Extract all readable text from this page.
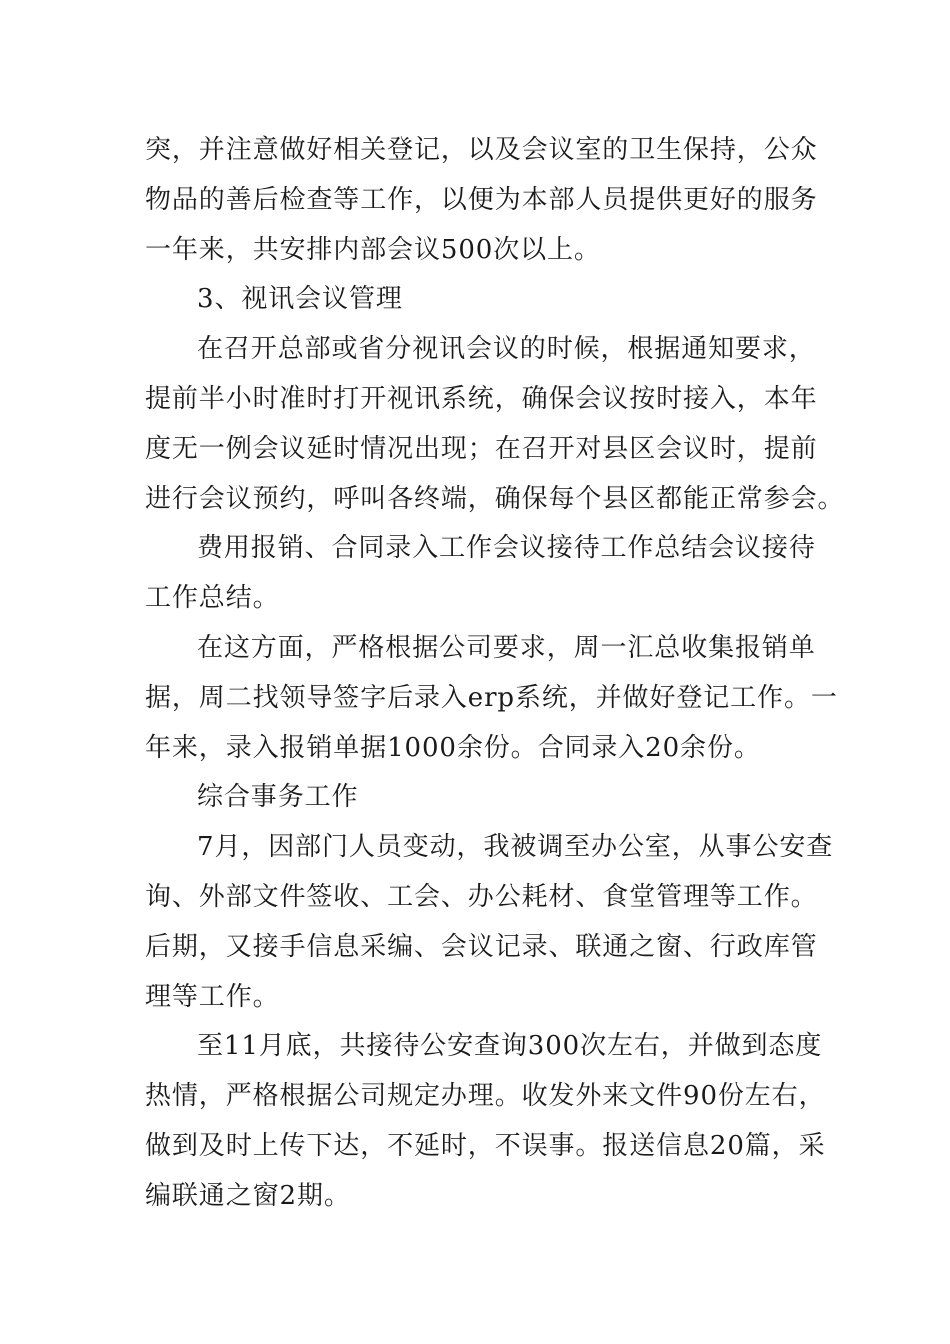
突，并注意做好相关登记，以及会议室的卫生保持，公众
物品的善后检查等工作，以便为本部人员提供更好的服务
一年来，共安排内部会议500次以上。
3、视讯会议管理
在召开总部或省分视讯会议的时候，根据通知要求，
提前半小时准时打开视讯系统，确保会议按时接入，本年
度无一例会议延时情况出现；在召开对县区会议时，提前
进行会议预约，呼叫各终端，确保每个县区都能正常参会。
费用报销、合同录入工作会议接待工作总结会议接待
工作总结。
在这方面，严格根据公司要求，周一汇总收集报销单
据，周二找领导签字后录入erp系统，并做好登记工作。一
年来，录入报销单据1000余份。合同录入20余份。
综合事务工作
7月，因部门人员变动，我被调至办公室，从事公安查
询、外部文件签收、工会、办公耗材、食堂管理等工作。
后期，又接手信息采编、会议记录、联通之窗、行政库管
理等工作。
至11月底，共接待公安查询300次左右，并做到态度
热情，严格根据公司规定办理。收发外来文件90份左右，
做到及时上传下达，不延时，不误事。报送信息20篇，采
编联通之窗2期。
